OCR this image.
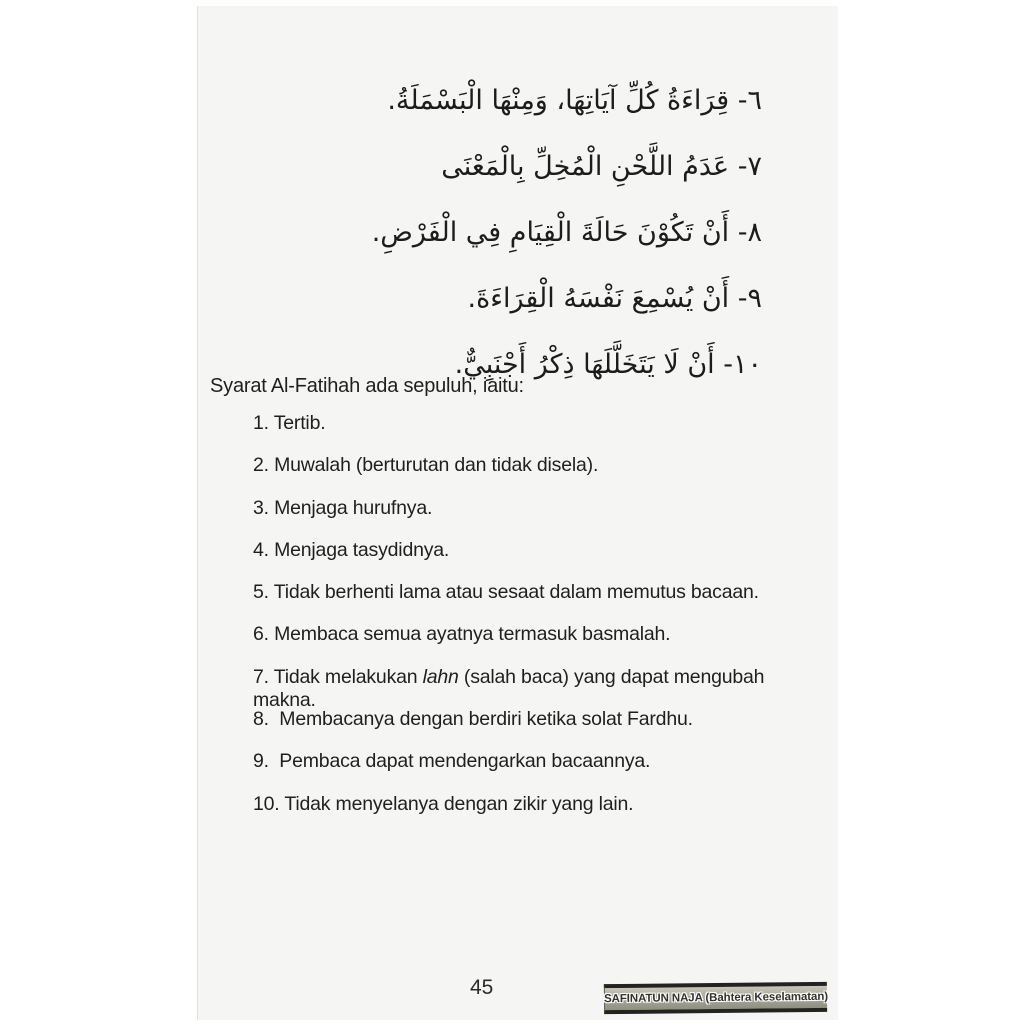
٦- قِرَاءَةُ كُلِّ آيَاتِهَا، وَمِنْهَا الْبَسْمَلَةُ.
٧- عَدَمُ اللَّحْنِ الْمُخِلِّ بِالْمَعْنَى
٨- أَنْ تَكُوْنَ حَالَةَ الْقِيَامِ فِي الْفَرْضِ.
٩- أَنْ يُسْمِعَ نَفْسَهُ الْقِرَاءَةَ.
١٠- أَنْ لَا يَتَخَلَّلَهَا ذِكْرُ أَجْنَبِيٌّ.
Syarat Al-Fatihah ada sepuluh, iaitu:
1. Tertib.
2. Muwalah (berturutan dan tidak disela).
3. Menjaga hurufnya.
4. Menjaga tasydidnya.
5. Tidak berhenti lama atau sesaat dalam memutus bacaan.
6. Membaca semua ayatnya termasuk basmalah.
7. Tidak melakukan lahn (salah baca) yang dapat mengubah makna.
8.  Membacanya dengan berdiri ketika solat Fardhu.
9.  Pembaca dapat mendengarkan bacaannya.
10. Tidak menyelanya dengan zikir yang lain.
45	SAFINATUN NAJA (Bahtera Keselamatan)
